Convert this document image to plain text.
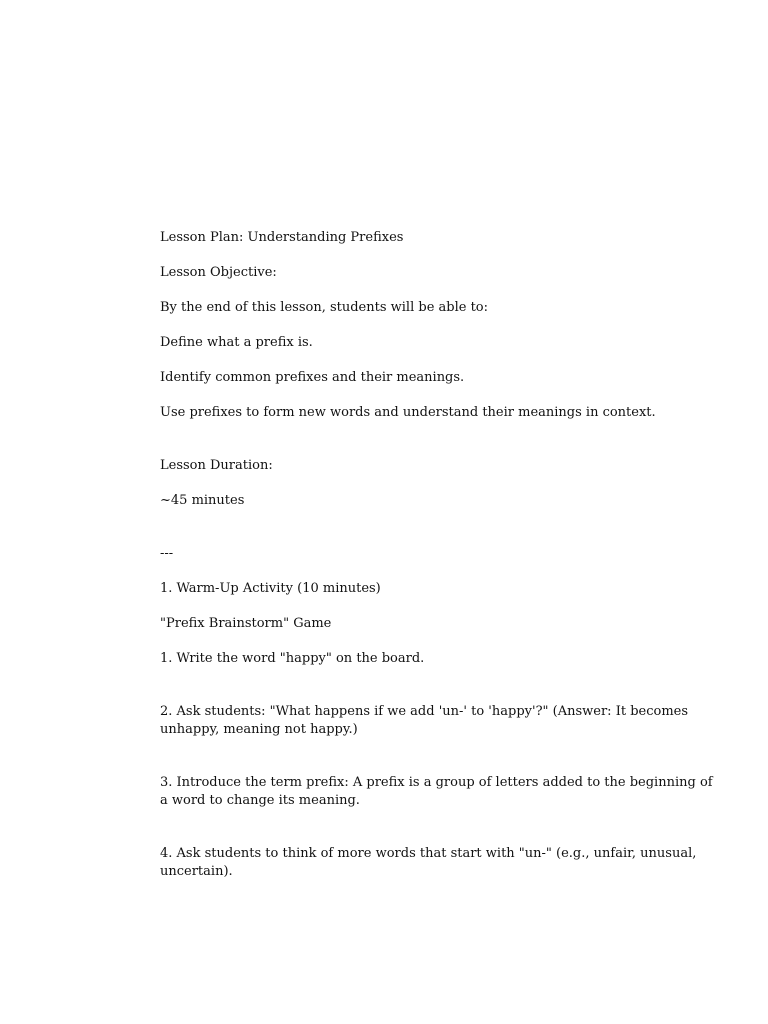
Lesson Plan: Understanding Prefixes

Lesson Objective:

By the end of this lesson, students will be able to:

Define what a prefix is.

Identify common prefixes and their meanings.

Use prefixes to form new words and understand their meanings in context.

Lesson Duration:

~45 minutes

---

1. Warm-Up Activity (10 minutes)

"Prefix Brainstorm" Game

1. Write the word "happy" on the board.

2. Ask students: "What happens if we add 'un-' to 'happy'?" (Answer: It becomes unhappy, meaning not happy.)

3. Introduce the term prefix: A prefix is a group of letters added to the beginning of a word to change its meaning.

4. Ask students to think of more words that start with "un-" (e.g., unfair, unusual, uncertain).
